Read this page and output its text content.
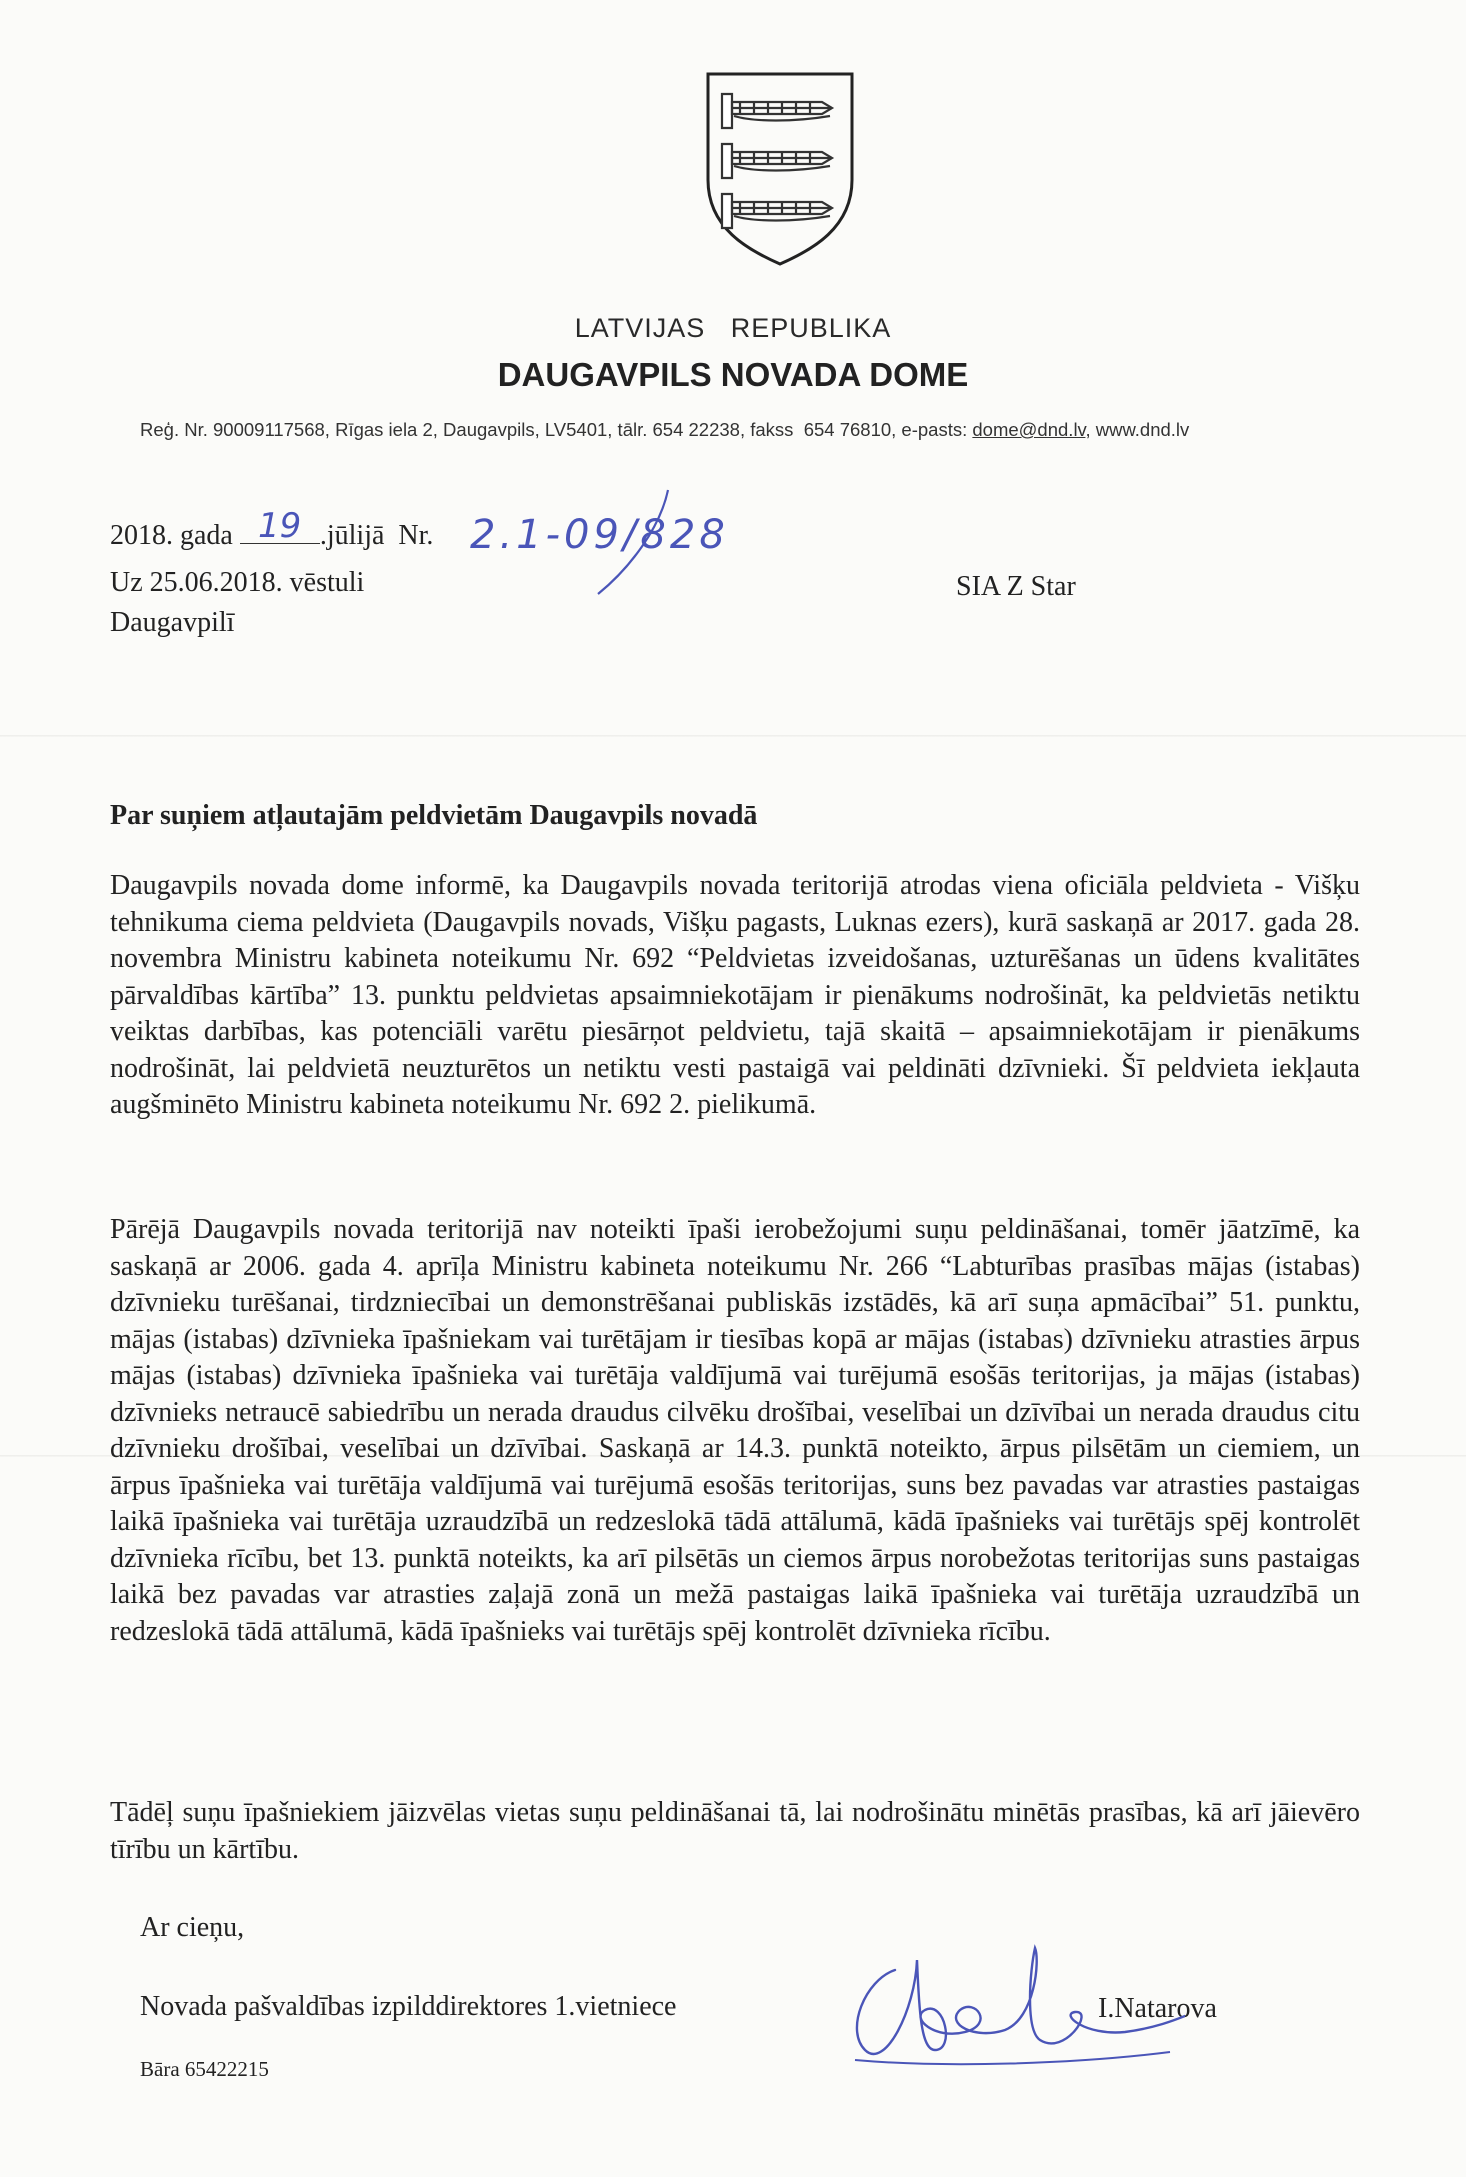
LATVIJAS   REPUBLIKA
DAUGAVPILS NOVADA DOME
Reģ. Nr. 90009117568, Rīgas iela 2, Daugavpils, LV5401, tālr. 654 22238, fakss  654 76810, e-pasts: dome@dnd.lv, www.dnd.lv
2018. gada	.jūlijā  Nr.
19	2.1-09/828
Uz 25.06.2018. vēstuli
Daugavpilī
SIA Z Star
Par suņiem atļautajām peldvietām Daugavpils novadā
Daugavpils novada dome informē, ka Daugavpils novada teritorijā atrodas viena oficiāla peldvieta - Višķu tehnikuma ciema peldvieta (Daugavpils novads, Višķu pagasts, Luknas ezers), kurā saskaņā ar 2017. gada 28. novembra Ministru kabineta noteikumu Nr. 692 “Peldvietas izveidošanas, uzturēšanas un ūdens kvalitātes pārvaldības kārtība” 13. punktu peldvietas apsaimniekotājam ir pienākums nodrošināt, ka peldvietās netiktu veiktas darbības, kas potenciāli varētu piesārņot peldvietu, tajā skaitā – apsaimniekotājam ir pienākums nodrošināt, lai peldvietā neuzturētos un netiktu vesti pastaigā vai peldināti dzīvnieki. Šī peldvieta iekļauta augšminēto Ministru kabineta noteikumu Nr. 692 2. pielikumā.
Pārējā Daugavpils novada teritorijā nav noteikti īpaši ierobežojumi suņu peldināšanai, tomēr jāatzīmē, ka saskaņā ar 2006. gada 4. aprīļa Ministru kabineta noteikumu Nr. 266 “Labturības prasības mājas (istabas) dzīvnieku turēšanai, tirdzniecībai un demonstrēšanai publiskās izstādēs, kā arī suņa apmācībai” 51. punktu, mājas (istabas) dzīvnieka īpašniekam vai turētājam ir tiesības kopā ar mājas (istabas) dzīvnieku atrasties ārpus mājas (istabas) dzīvnieka īpašnieka vai turētāja valdījumā vai turējumā esošās teritorijas, ja mājas (istabas) dzīvnieks netraucē sabiedrību un nerada draudus cilvēku drošībai, veselībai un dzīvībai un nerada draudus citu dzīvnieku drošībai, veselībai un dzīvībai. Saskaņā ar 14.3. punktā noteikto, ārpus pilsētām un ciemiem, un ārpus īpašnieka vai turētāja valdījumā vai turējumā esošās teritorijas, suns bez pavadas var atrasties pastaigas laikā īpašnieka vai turētāja uzraudzībā un redzeslokā tādā attālumā, kādā īpašnieks vai turētājs spēj kontrolēt dzīvnieka rīcību, bet 13. punktā noteikts, ka arī pilsētās un ciemos ārpus norobežotas teritorijas suns pastaigas laikā bez pavadas var atrasties zaļajā zonā un mežā pastaigas laikā īpašnieka vai turētāja uzraudzībā un redzeslokā tādā attālumā, kādā īpašnieks vai turētājs spēj kontrolēt dzīvnieka rīcību.
Tādēļ suņu īpašniekiem jāizvēlas vietas suņu peldināšanai tā, lai nodrošinātu minētās prasības, kā arī jāievēro tīrību un kārtību.
Ar cieņu,
Novada pašvaldības izpilddirektores 1.vietniece	I.Natarova
Bāra 65422215
